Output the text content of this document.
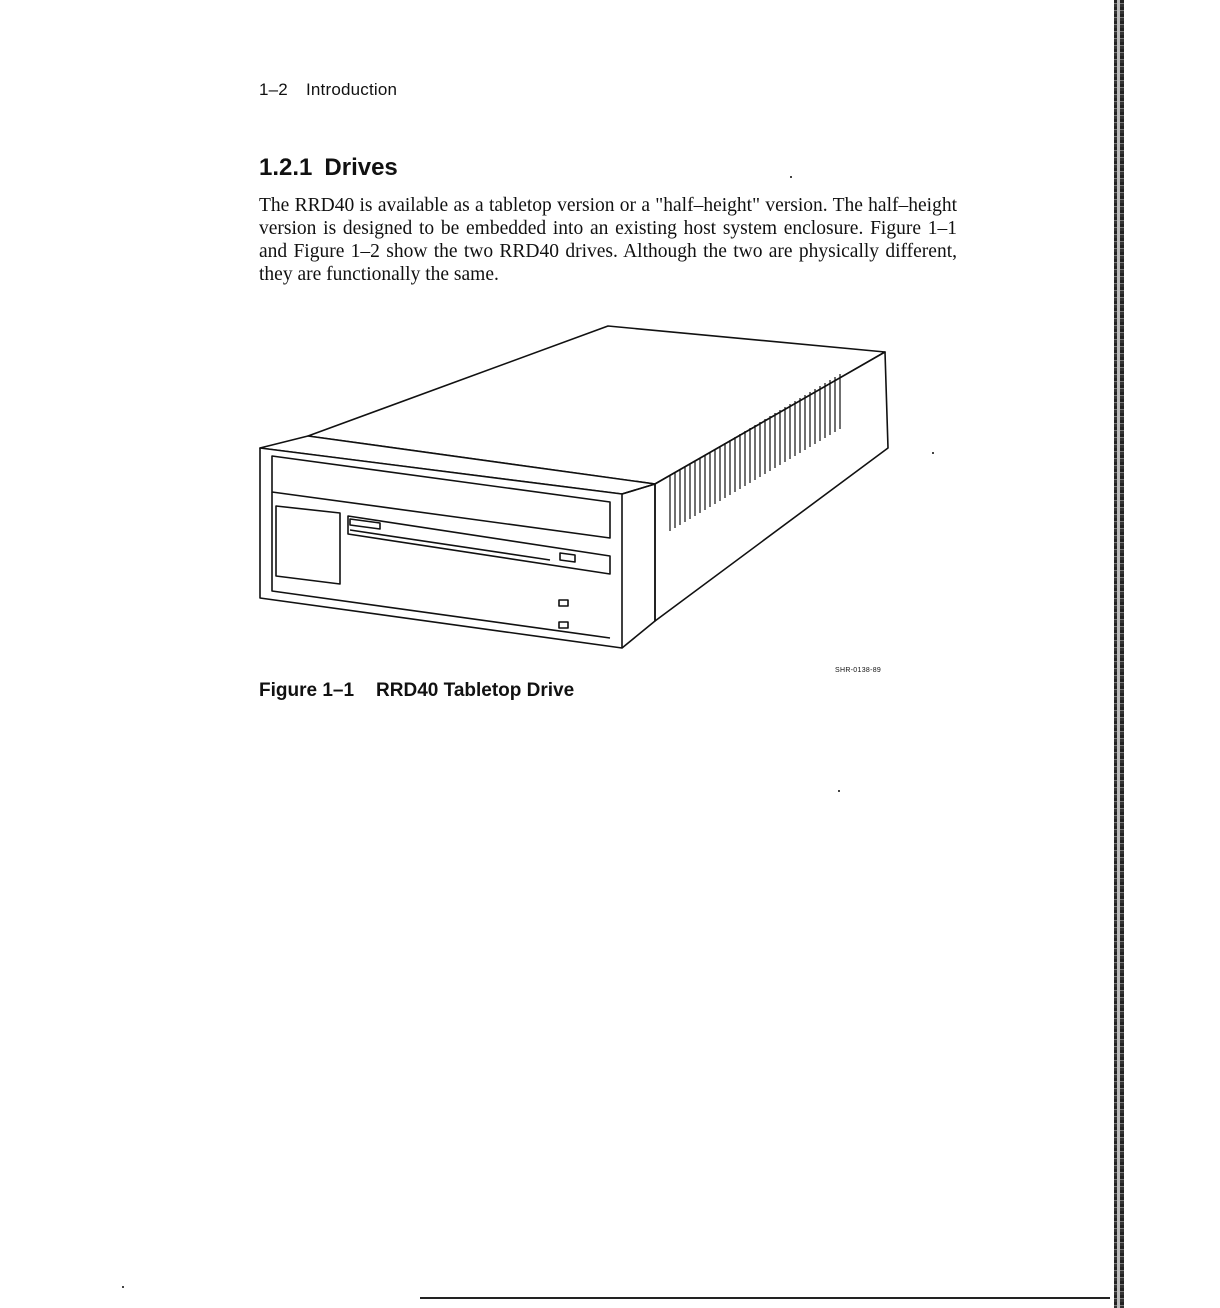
1–2 Introduction
1.2.1 Drives

The RRD40 is available as a tabletop version or a "half–height" version. The half–height version is designed to be embedded into an existing host system enclosure. Figure 1–1 and Figure 1–2 show the two RRD40 drives. Although the two are physically different, they are functionally the same.

SHR-0138-89
Figure 1–1 RRD40 Tabletop Drive
